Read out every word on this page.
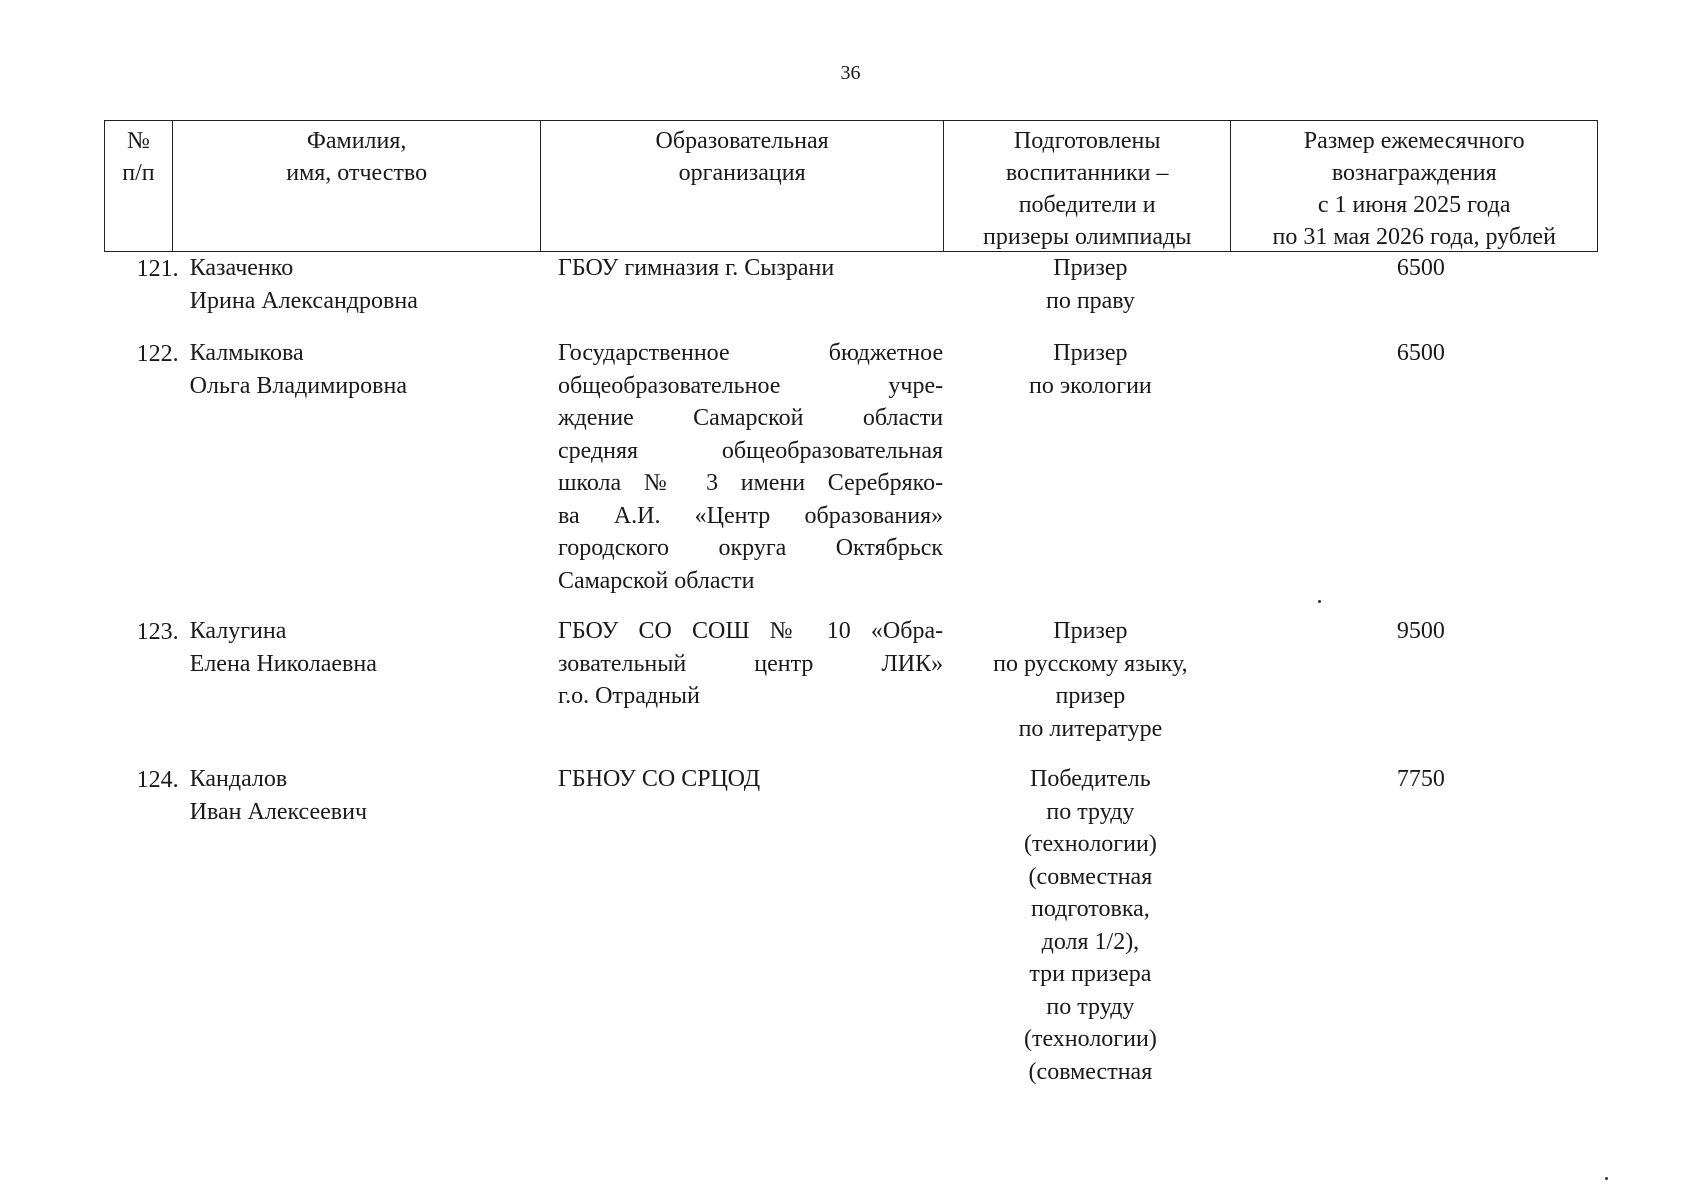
36
№
п/п
Фамилия,
имя, отчество
Образовательная
организация
Подготовлены
воспитанники –
победители и
призеры олимпиады
Размер ежемесячного
вознаграждения
с 1 июня 2025 года
по 31 мая 2026 года, рублей
121. Казаченко
Ирина Александровна
ГБОУ гимназия г. Сызрани	Призер
по праву
6500
122. Калмыкова
Ольга Владимировна
Государственное бюджетное
общеобразовательное учре-
ждение Самарской области
средняя общеобразовательная
школа № 3 имени Серебряко-
ва А.И. «Центр образования»
городского округа Октябрьск
Самарской области
Призер
по экологии
6500
123. Калугина
Елена Николаевна
ГБОУ СО СОШ № 10 «Обра-
зовательный центр ЛИК»
г.о. Отрадный
Призер
по русскому языку,
призер
по литературе
9500
124. Кандалов
Иван Алексеевич
ГБНОУ СО СРЦОД	Победитель
по труду
(технологии)
(совместная
подготовка,
доля 1/2),
три призера
по труду
(технологии)
(совместная
7750
